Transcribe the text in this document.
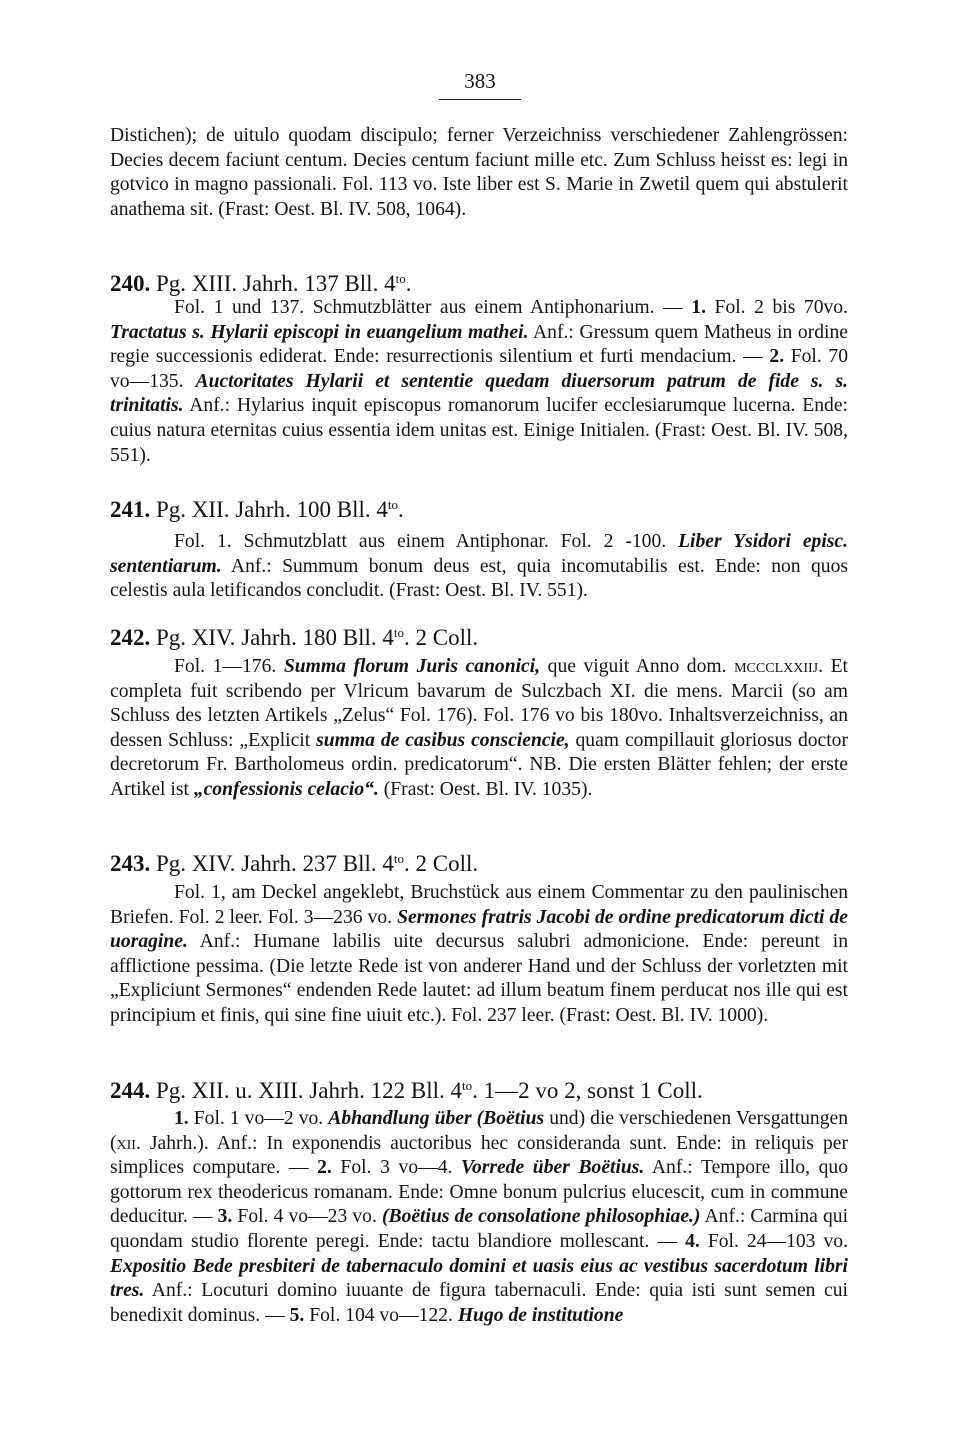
383
Distichen); de uitulo quodam discipulo; ferner Verzeichniss verschiedener Zahlengrössen: Decies decem faciunt centum. Decies centum faciunt mille etc. Zum Schluss heisst es: legi in gotvico in magno passionali. Fol. 113 vo. Iste liber est S. Marie in Zwetil quem qui abstulerit anathema sit. (Frast: Oest. Bl. IV. 508, 1064).
240. Pg. XIII. Jahrh. 137 Bll. $4^{to}$.
Fol. 1 und 137. Schmutzblätter aus einem Antiphonarium. — 1. Fol. 2 bis 70vo. Tractatus s. Hylarii episcopi in euangelium mathei. Anf.: Gressum quem Matheus in ordine regie successionis ediderat. Ende: resurrectionis silentium et furti mendacium. — 2. Fol. 70 vo—135. Auctoritates Hylarii et sententie quedam diuersorum patrum de fide s. s. trinitatis. Anf.: Hylarius inquit episcopus romanorum lucifer ecclesiarumque lucerna. Ende: cuius natura eternitas cuius essentia idem unitas est. Einige Initialen. (Frast: Oest. Bl. IV. 508, 551).
241. Pg. XII. Jahrh. 100 Bll. $4^{to}$.
Fol. 1. Schmutzblatt aus einem Antiphonar. Fol. 2 -100. Liber Ysidori episc. sententiarum. Anf.: Summum bonum deus est, quia incomutabilis est. Ende: non quos celestis aula letificandos concludit. (Frast: Oest. Bl. IV. 551).
242. Pg. XIV. Jahrh. 180 Bll. $4^{to}$. 2 Coll.
Fol. 1—176. Summa florum Juris canonici, que viguit Anno dom. mccclxxiij. Et completa fuit scribendo per Vlricum bavarum de Sulczbach XI. die mens. Marcii (so am Schluss des letzten Artikels „Zelus“ Fol. 176). Fol. 176 vo bis 180vo. Inhaltsverzeichniss, an dessen Schluss: „Explicit summa de casibus consciencie, quam compillauit gloriosus doctor decretorum Fr. Bartholomeus ordin. predicatorum“. NB. Die ersten Blätter fehlen; der erste Artikel ist „confessionis celacio“. (Frast: Oest. Bl. IV. 1035).
243. Pg. XIV. Jahrh. 237 Bll. $4^{to}$. 2 Coll.
Fol. 1, am Deckel angeklebt, Bruchstück aus einem Commentar zu den paulinischen Briefen. Fol. 2 leer. Fol. 3—236 vo. Sermones fratris Jacobi de ordine predicatorum dicti de uoragine. Anf.: Humane labilis uite decursus salubri admonicione. Ende: pereunt in afflictione pessima. (Die letzte Rede ist von anderer Hand und der Schluss der vorletzten mit „Expliciunt Sermones“ endenden Rede lautet: ad illum beatum finem perducat nos ille qui est principium et finis, qui sine fine uiuit etc.). Fol. 237 leer. (Frast: Oest. Bl. IV. 1000).
244. Pg. XII. u. XIII. Jahrh. 122 Bll. $4^{to}$. 1—2 vo 2, sonst 1 Coll.
1. Fol. 1 vo—2 vo. Abhandlung über (Boëtius und) die verschiedenen Versgattungen (xii. Jahrh.). Anf.: In exponendis auctoribus hec consideranda sunt. Ende: in reliquis per simplices computare. — 2. Fol. 3 vo—4. Vorrede über Boëtius. Anf.: Tempore illo, quo gottorum rex theodericus romanam. Ende: Omne bonum pulcrius elucescit, cum in commune deducitur. — 3. Fol. 4 vo—23 vo. (Boëtius de consolatione philosophiae.) Anf.: Carmina qui quondam studio florente peregi. Ende: tactu blandiore mollescant. — 4. Fol. 24—103 vo. Expositio Bede presbiteri de tabernaculo domini et uasis eius ac vestibus sacerdotum libri tres. Anf.: Locuturi domino iuuante de figura tabernaculi. Ende: quia isti sunt semen cui benedixit dominus. — 5. Fol. 104 vo—122. Hugo de institutione
